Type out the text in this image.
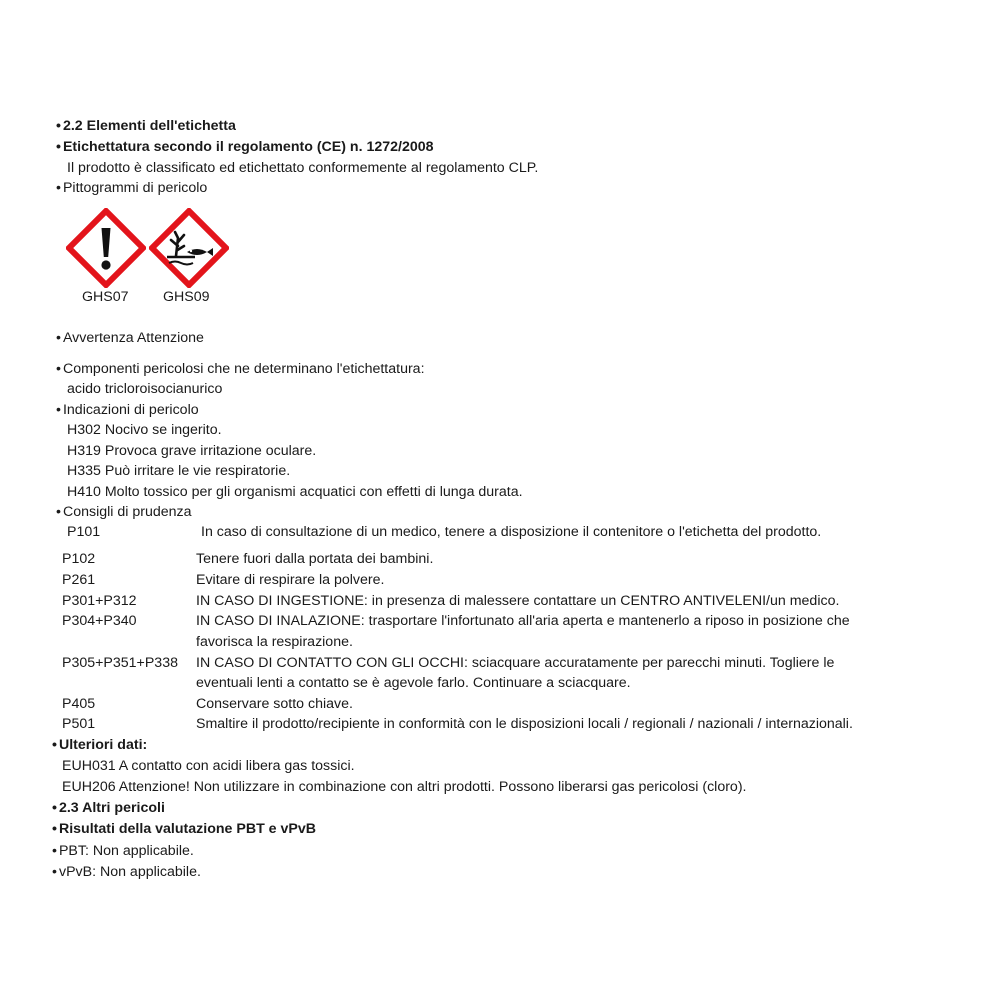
• 2.2 Elementi dell'etichetta
• Etichettatura secondo il regolamento (CE) n. 1272/2008
Il prodotto è classificato ed etichettato conformemente al regolamento CLP.
• Pittogrammi di pericolo
GHS07 GHS09
• Avvertenza Attenzione
• Componenti pericolosi che ne determinano l'etichettatura:
acido tricloroisocianurico
• Indicazioni di pericolo
H302 Nocivo se ingerito.
H319 Provoca grave irritazione oculare.
H335 Può irritare le vie respiratorie.
H410 Molto tossico per gli organismi acquatici con effetti di lunga durata.
• Consigli di prudenza
P101	In caso di consultazione di un medico, tenere a disposizione il contenitore o l'etichetta del prodotto.
P102	Tenere fuori dalla portata dei bambini.
P261	Evitare di respirare la polvere.
P301+P312	IN CASO DI INGESTIONE: in presenza di malessere contattare un CENTRO ANTIVELENI/un medico.
P304+P340	IN CASO DI INALAZIONE: trasportare l'infortunato all'aria aperta e mantenerlo a riposo in posizione che
favorisca la respirazione.
P305+P351+P338 IN CASO DI CONTATTO CON GLI OCCHI: sciacquare accuratamente per parecchi minuti. Togliere le
eventuali lenti a contatto se è agevole farlo. Continuare a sciacquare.
P405	Conservare sotto chiave.
P501	Smaltire il prodotto/recipiente in conformità con le disposizioni locali / regionali / nazionali / internazionali.
• Ulteriori dati:
EUH031 A contatto con acidi libera gas tossici.
EUH206 Attenzione! Non utilizzare in combinazione con altri prodotti. Possono liberarsi gas pericolosi (cloro).
• 2.3 Altri pericoli
• Risultati della valutazione PBT e vPvB
• PBT: Non applicabile.
• vPvB: Non applicabile.
